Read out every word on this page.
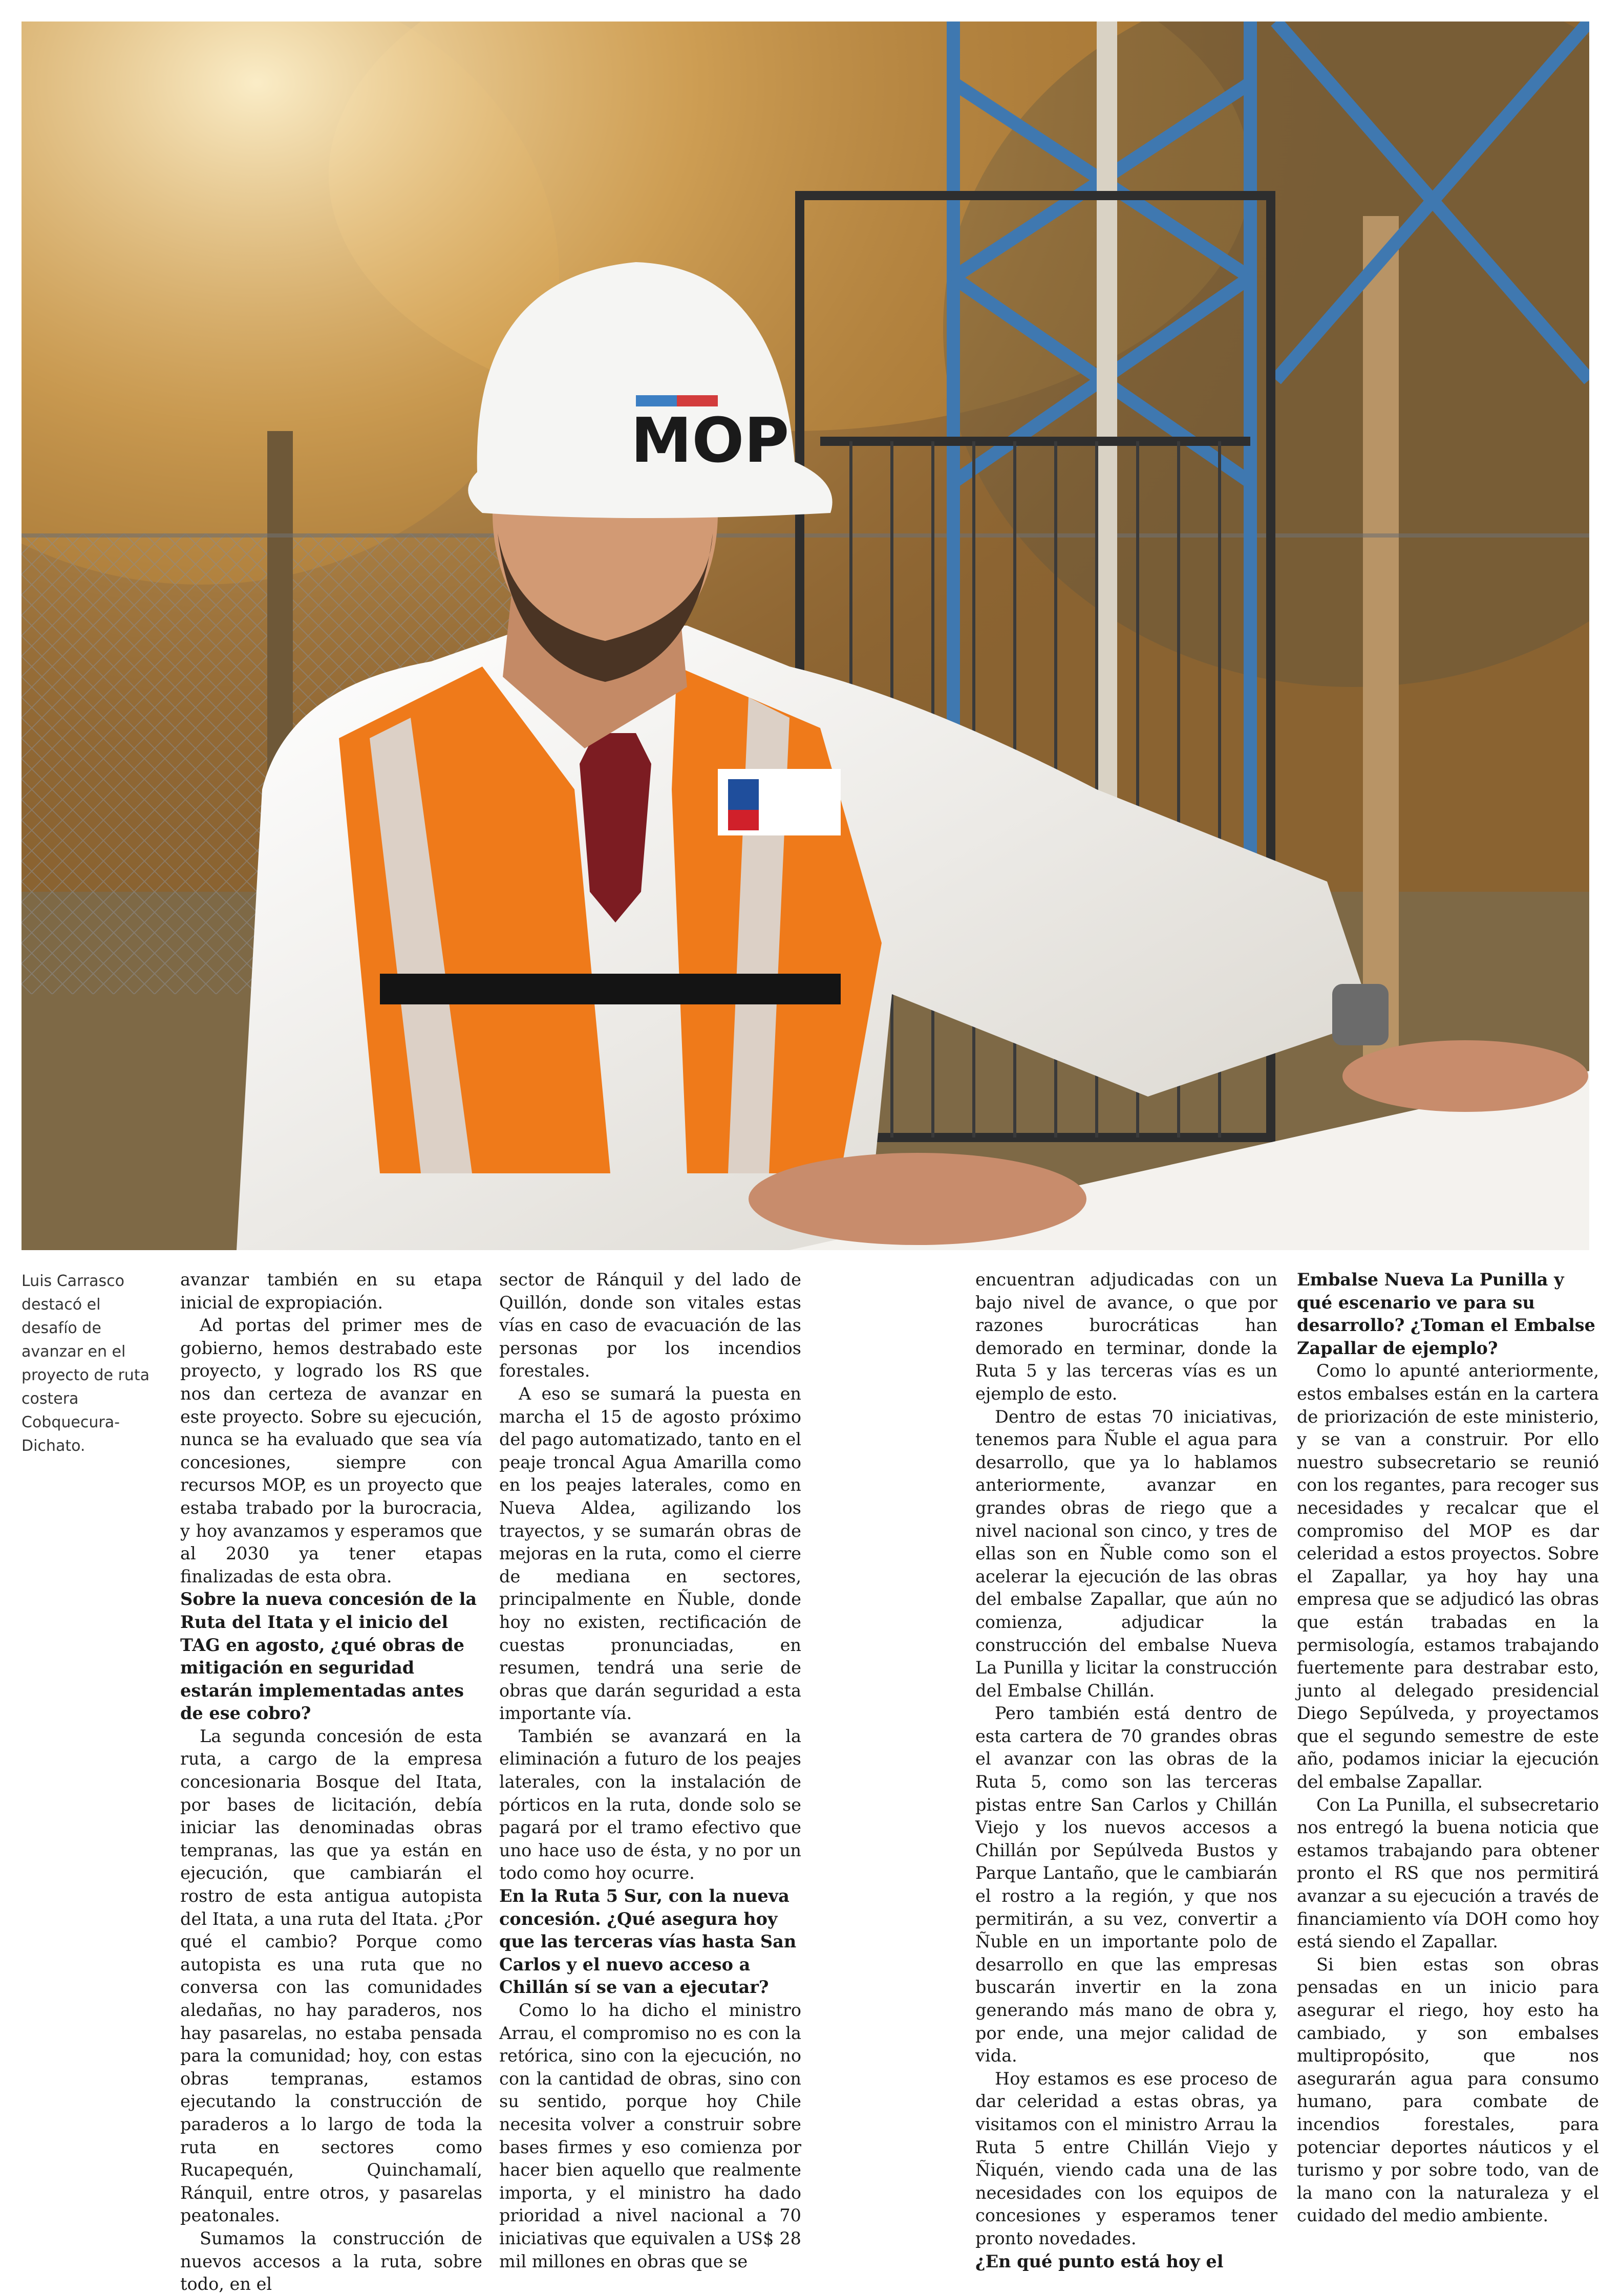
MOP
Luis Carrasco destacó el desafío de avanzar en el proyecto de ruta costera Cobquecura-Dichato.

avanzar también en su etapa inicial de expropiación.

Ad portas del primer mes de gobierno, hemos destrabado este proyecto, y logrado los RS que nos dan certeza de avanzar en este proyecto. Sobre su ejecución, nunca se ha evaluado que sea vía concesiones, siempre con recursos MOP, es un proyecto que estaba trabado por la burocracia, y hoy avanzamos y esperamos que al 2030 ya tener etapas finalizadas de esta obra.

Sobre la nueva concesión de la Ruta del Itata y el inicio del TAG en agosto, ¿qué obras de mitigación en seguridad estarán implementadas antes de ese cobro?

La segunda concesión de esta ruta, a cargo de la empresa concesionaria Bosque del Itata, por bases de licitación, debía iniciar las denominadas obras tempranas, las que ya están en ejecución, que cambiarán el rostro de esta antigua autopista del Itata, a una ruta del Itata. ¿Por qué el cambio? Porque como autopista es una ruta que no conversa con las comunidades aledañas, no hay paraderos, nos hay pasarelas, no estaba pensada para la comunidad; hoy, con estas obras tempranas, estamos ejecutando la construcción de paraderos a lo largo de toda la ruta en sectores como Rucapequén, Quinchamalí, Ránquil, entre otros, y pasarelas peatonales.

Sumamos la construcción de nuevos accesos a la ruta, sobre todo, en el

sector de Ránquil y del lado de Quillón, donde son vitales estas vías en caso de evacuación de las personas por los incendios forestales.

A eso se sumará la puesta en marcha el 15 de agosto próximo del pago automatizado, tanto en el peaje troncal Agua Amarilla como en los peajes laterales, como en Nueva Aldea, agilizando los trayectos, y se sumarán obras de mejoras en la ruta, como el cierre de mediana en sectores, principalmente en Ñuble, donde hoy no existen, rectificación de cuestas pronunciadas, en resumen, tendrá una serie de obras que darán seguridad a esta importante vía.

También se avanzará en la eliminación a futuro de los peajes laterales, con la instalación de pórticos en la ruta, donde solo se pagará por el tramo efectivo que uno hace uso de ésta, y no por un todo como hoy ocurre.

En la Ruta 5 Sur, con la nueva concesión. ¿Qué asegura hoy que las terceras vías hasta San Carlos y el nuevo acceso a Chillán sí se van a ejecutar?

Como lo ha dicho el ministro Arrau, el compromiso no es con la retórica, sino con la ejecución, no con la cantidad de obras, sino con su sentido, porque hoy Chile necesita volver a construir sobre bases firmes y eso comienza por hacer bien aquello que realmente importa, y el ministro ha dado prioridad a nivel nacional a 70 iniciativas que equivalen a US$ 28 mil millones en obras que se

encuentran adjudicadas con un bajo nivel de avance, o que por razones burocráticas han demorado en terminar, donde la Ruta 5 y las terceras vías es un ejemplo de esto.

Dentro de estas 70 iniciativas, tenemos para Ñuble el agua para desarrollo, que ya lo hablamos anteriormente, avanzar en grandes obras de riego que a nivel nacional son cinco, y tres de ellas son en Ñuble como son el acelerar la ejecución de las obras del embalse Zapallar, que aún no comienza, adjudicar la construcción del embalse Nueva La Punilla y licitar la construcción del Embalse Chillán.

Pero también está dentro de esta cartera de 70 grandes obras el avanzar con las obras de la Ruta 5, como son las terceras pistas entre San Carlos y Chillán Viejo y los nuevos accesos a Chillán por Sepúlveda Bustos y Parque Lantaño, que le cambiarán el rostro a la región, y que nos permitirán, a su vez, convertir a Ñuble en un importante polo de desarrollo en que las empresas buscarán invertir en la zona generando más mano de obra y, por ende, una mejor calidad de vida.

Hoy estamos es ese proceso de dar celeridad a estas obras, ya visitamos con el ministro Arrau la Ruta 5 entre Chillán Viejo y Ñiquén, viendo cada una de las necesidades con los equipos de concesiones y esperamos tener pronto novedades.

¿En qué punto está hoy el

Embalse Nueva La Punilla y qué escenario ve para su desarrollo? ¿Toman el Embalse Zapallar de ejemplo?

Como lo apunté anteriormente, estos embalses están en la cartera de priorización de este ministerio, y se van a construir. Por ello nuestro subsecretario se reunió con los regantes, para recoger sus necesidades y recalcar que el compromiso del MOP es dar celeridad a estos proyectos. Sobre el Zapallar, ya hoy hay una empresa que se adjudicó las obras que están trabadas en la permisología, estamos trabajando fuertemente para destrabar esto, junto al delegado presidencial Diego Sepúlveda, y proyectamos que el segundo semestre de este año, podamos iniciar la ejecución del embalse Zapallar.

Con La Punilla, el subsecretario nos entregó la buena noticia que estamos trabajando para obtener pronto el RS que nos permitirá avanzar a su ejecución a través de financiamiento vía DOH como hoy está siendo el Zapallar.

Si bien estas son obras pensadas en un inicio para asegurar el riego, hoy esto ha cambiado, y son embalses multipropósito, que nos asegurarán agua para consumo humano, para combate de incendios forestales, para potenciar deportes náuticos y el turismo y por sobre todo, van de la mano con la naturaleza y el cuidado del medio ambiente.
